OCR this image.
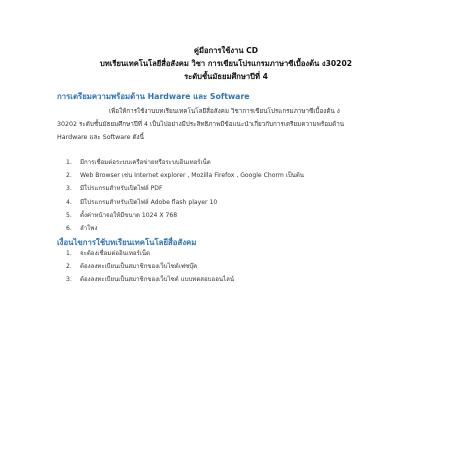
คู่มือการใช้งาน CD
บทเรียนเทคโนโลยีสื่อสังคม วิชา การเขียนโปรแกรมภาษาซีเบื้องต้น ง30202
ระดับชั้นมัธยมศึกษาปีที่ 4
การเตรียมความพร้อมด้าน Hardware และ Software
เพื่อให้การใช้งานบทเรียนเทคโนโลยีสื่อสังคม วิชาการเขียนโปรแกรมภาษาซีเบื้องต้น ง
30202 ระดับชั้นมัธยมศึกษาปีที่ 4 เป็นไปอย่างมีประสิทธิภาพมีข้อแนะนำเกี่ยวกับการเตรียมความพร้อมด้าน
Hardware และ Software ดังนี้
1. มีการเชื่อมต่อระบบเครือข่ายหรือระบบอินเทอร์เน็ต
2. Web Browser เช่น Internet explorer , Mozilla Firefox , Google Chorm เป็นต้น
3. มีโปรแกรมสำหรับเปิดไฟล์ PDF
4. มีโปรแกรมสำหรับเปิดไฟล์ Adobe flash player 10
5. ตั้งค่าหน้าจอให้มีขนาด 1024 X 768
6. ลำโพง
เงื่อนไขการใช้บทเรียนเทคโนโลยีสื่อสังคม
1. จะต้องเชื่อมต่ออินเทอร์เน็ต
2. ต้องลงทะเบียนเป็นสมาชิกของเว็บไซต์เฟซบุ๊ค
3. ต้องลงทะเบียนเป็นสมาชิกของเว็บไซต์ แบบทดสอบออนไลน์
